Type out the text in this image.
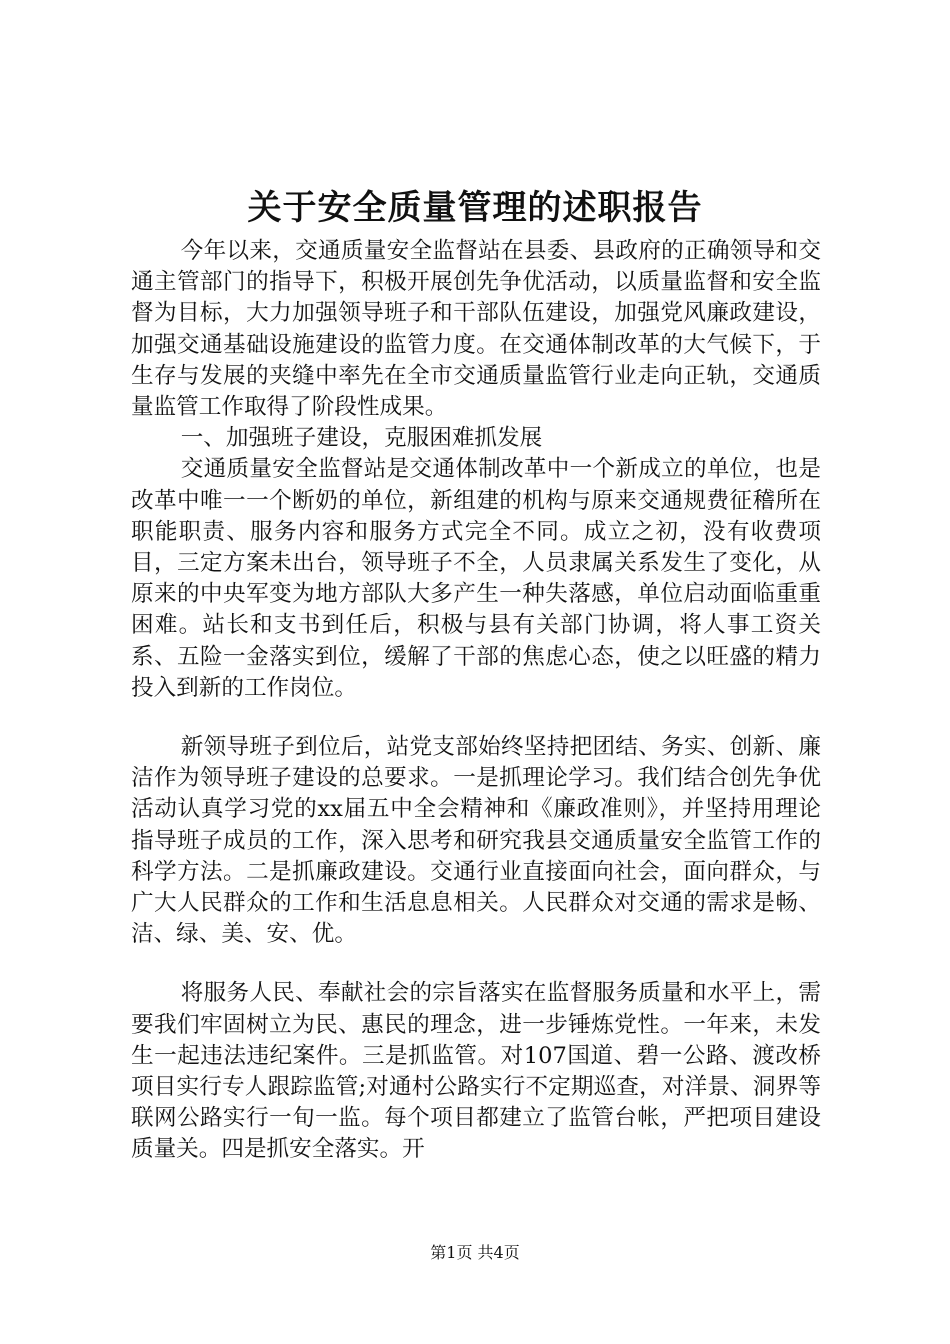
关于安全质量管理的述职报告

今年以来，交通质量安全监督站在县委、县政府的正确领导和交通主管部门的指导下，积极开展创先争优活动，以质量监督和安全监督为目标，大力加强领导班子和干部队伍建设，加强党风廉政建设，加强交通基础设施建设的监管力度。在交通体制改革的大气候下，于生存与发展的夹缝中率先在全市交通质量监管行业走向正轨，交通质量监管工作取得了阶段性成果。

一、加强班子建设，克服困难抓发展

交通质量安全监督站是交通体制改革中一个新成立的单位，也是改革中唯一一个断奶的单位，新组建的机构与原来交通规费征稽所在职能职责、服务内容和服务方式完全不同。成立之初，没有收费项目，三定方案未出台，领导班子不全，人员隶属关系发生了变化，从原来的中央军变为地方部队大多产生一种失落感，单位启动面临重重困难。站长和支书到任后，积极与县有关部门协调，将人事工资关系、五险一金落实到位，缓解了干部的焦虑心态，使之以旺盛的精力投入到新的工作岗位。

新领导班子到位后，站党支部始终坚持把团结、务实、创新、廉洁作为领导班子建设的总要求。一是抓理论学习。我们结合创先争优活动认真学习党的xx届五中全会精神和《廉政准则》，并坚持用理论指导班子成员的工作，深入思考和研究我县交通质量安全监管工作的科学方法。二是抓廉政建设。交通行业直接面向社会，面向群众，与广大人民群众的工作和生活息息相关。人民群众对交通的需求是畅、洁、绿、美、安、优。

将服务人民、奉献社会的宗旨落实在监督服务质量和水平上，需要我们牢固树立为民、惠民的理念，进一步锤炼党性。一年来，未发生一起违法违纪案件。三是抓监管。对107国道、碧一公路、渡改桥项目实行专人跟踪监管;对通村公路实行不定期巡查，对洋景、洞界等联网公路实行一旬一监。每个项目都建立了监管台帐，严把项目建设质量关。四是抓安全落实。开

第1页 共4页
